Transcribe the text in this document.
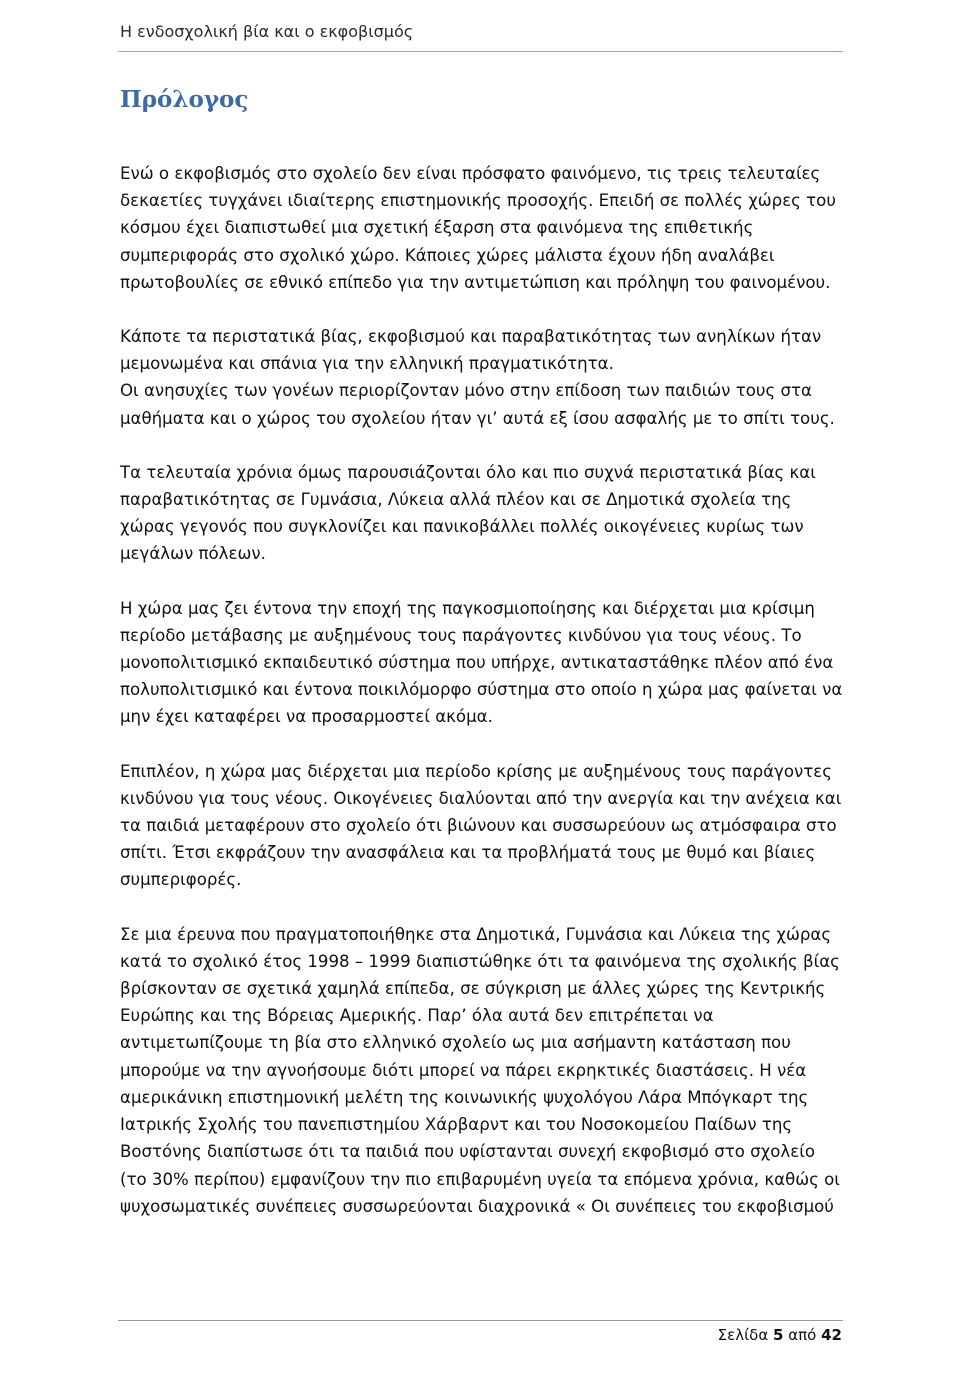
Η ενδοσχολική βία και ο εκφοβισμός
Πρόλογος

Ενώ ο εκφοβισμός στο σχολείο δεν είναι πρόσφατο φαινόμενο, τις τρεις τελευταίες δεκαετίες τυγχάνει ιδιαίτερης επιστημονικής προσοχής. Επειδή σε πολλές χώρες του κόσμου έχει διαπιστωθεί μια σχετική έξαρση στα φαινόμενα της επιθετικής συμπεριφοράς στο σχολικό χώρο. Κάποιες χώρες μάλιστα έχουν ήδη αναλάβει πρωτοβουλίες σε εθνικό επίπεδο για την αντιμετώπιση και πρόληψη του φαινομένου.

Κάποτε τα περιστατικά βίας, εκφοβισμού και παραβατικότητας των ανηλίκων ήταν μεμονωμένα και σπάνια για την ελληνική πραγματικότητα.

Οι ανησυχίες των γονέων περιορίζονταν μόνο στην επίδοση των παιδιών τους στα μαθήματα και ο χώρος του σχολείου ήταν γι’ αυτά εξ ίσου ασφαλής με το σπίτι τους.

Τα τελευταία χρόνια όμως παρουσιάζονται όλο και πιο συχνά περιστατικά βίας και παραβατικότητας σε Γυμνάσια, Λύκεια αλλά πλέον και σε Δημοτικά σχολεία της χώρας γεγονός που συγκλονίζει και πανικοβάλλει πολλές οικογένειες κυρίως των μεγάλων πόλεων.

Η χώρα μας ζει έντονα την εποχή της παγκοσμιοποίησης και διέρχεται μια κρίσιμη περίοδο μετάβασης με αυξημένους τους παράγοντες κινδύνου για τους νέους. Το μονοπολιτισμικό εκπαιδευτικό σύστημα που υπήρχε, αντικαταστάθηκε πλέον από ένα πολυπολιτισμικό και έντονα ποικιλόμορφο σύστημα στο οποίο η χώρα μας φαίνεται να μην έχει καταφέρει να προσαρμοστεί ακόμα.

Επιπλέον, η χώρα μας διέρχεται μια περίοδο κρίσης με αυξημένους τους παράγοντες κινδύνου για τους νέους. Οικογένειες διαλύονται από την ανεργία και την ανέχεια και τα παιδιά μεταφέρουν στο σχολείο ότι βιώνουν και συσσωρεύουν ως ατμόσφαιρα στο σπίτι. Έτσι εκφράζουν την ανασφάλεια και τα προβλήματά τους με θυμό και βίαιες συμπεριφορές.

Σε μια έρευνα που πραγματοποιήθηκε στα Δημοτικά, Γυμνάσια και Λύκεια της χώρας κατά το σχολικό έτος 1998 – 1999 διαπιστώθηκε ότι τα φαινόμενα της σχολικής βίας βρίσκονταν σε σχετικά χαμηλά επίπεδα, σε σύγκριση με άλλες χώρες της Κεντρικής Ευρώπης και της Βόρειας Αμερικής. Παρ’ όλα αυτά δεν επιτρέπεται να αντιμετωπίζουμε τη βία στο ελληνικό σχολείο ως μια ασήμαντη κατάσταση που μπορούμε να την αγνοήσουμε διότι μπορεί να πάρει εκρηκτικές διαστάσεις. Η νέα αμερικάνικη επιστημονική μελέτη της κοινωνικής ψυχολόγου Λάρα Μπόγκαρτ της Ιατρικής Σχολής του πανεπιστημίου Χάρβαρντ και του Νοσοκομείου Παίδων της Βοστόνης διαπίστωσε ότι τα παιδιά που υφίστανται συνεχή εκφοβισμό στο σχολείο (το 30% περίπου) εμφανίζουν την πιο επιβαρυμένη υγεία τα επόμενα χρόνια, καθώς οι ψυχοσωματικές συνέπειες συσσωρεύονται διαχρονικά « Οι συνέπειες του εκφοβισμού

Σελίδα 5 από 42
